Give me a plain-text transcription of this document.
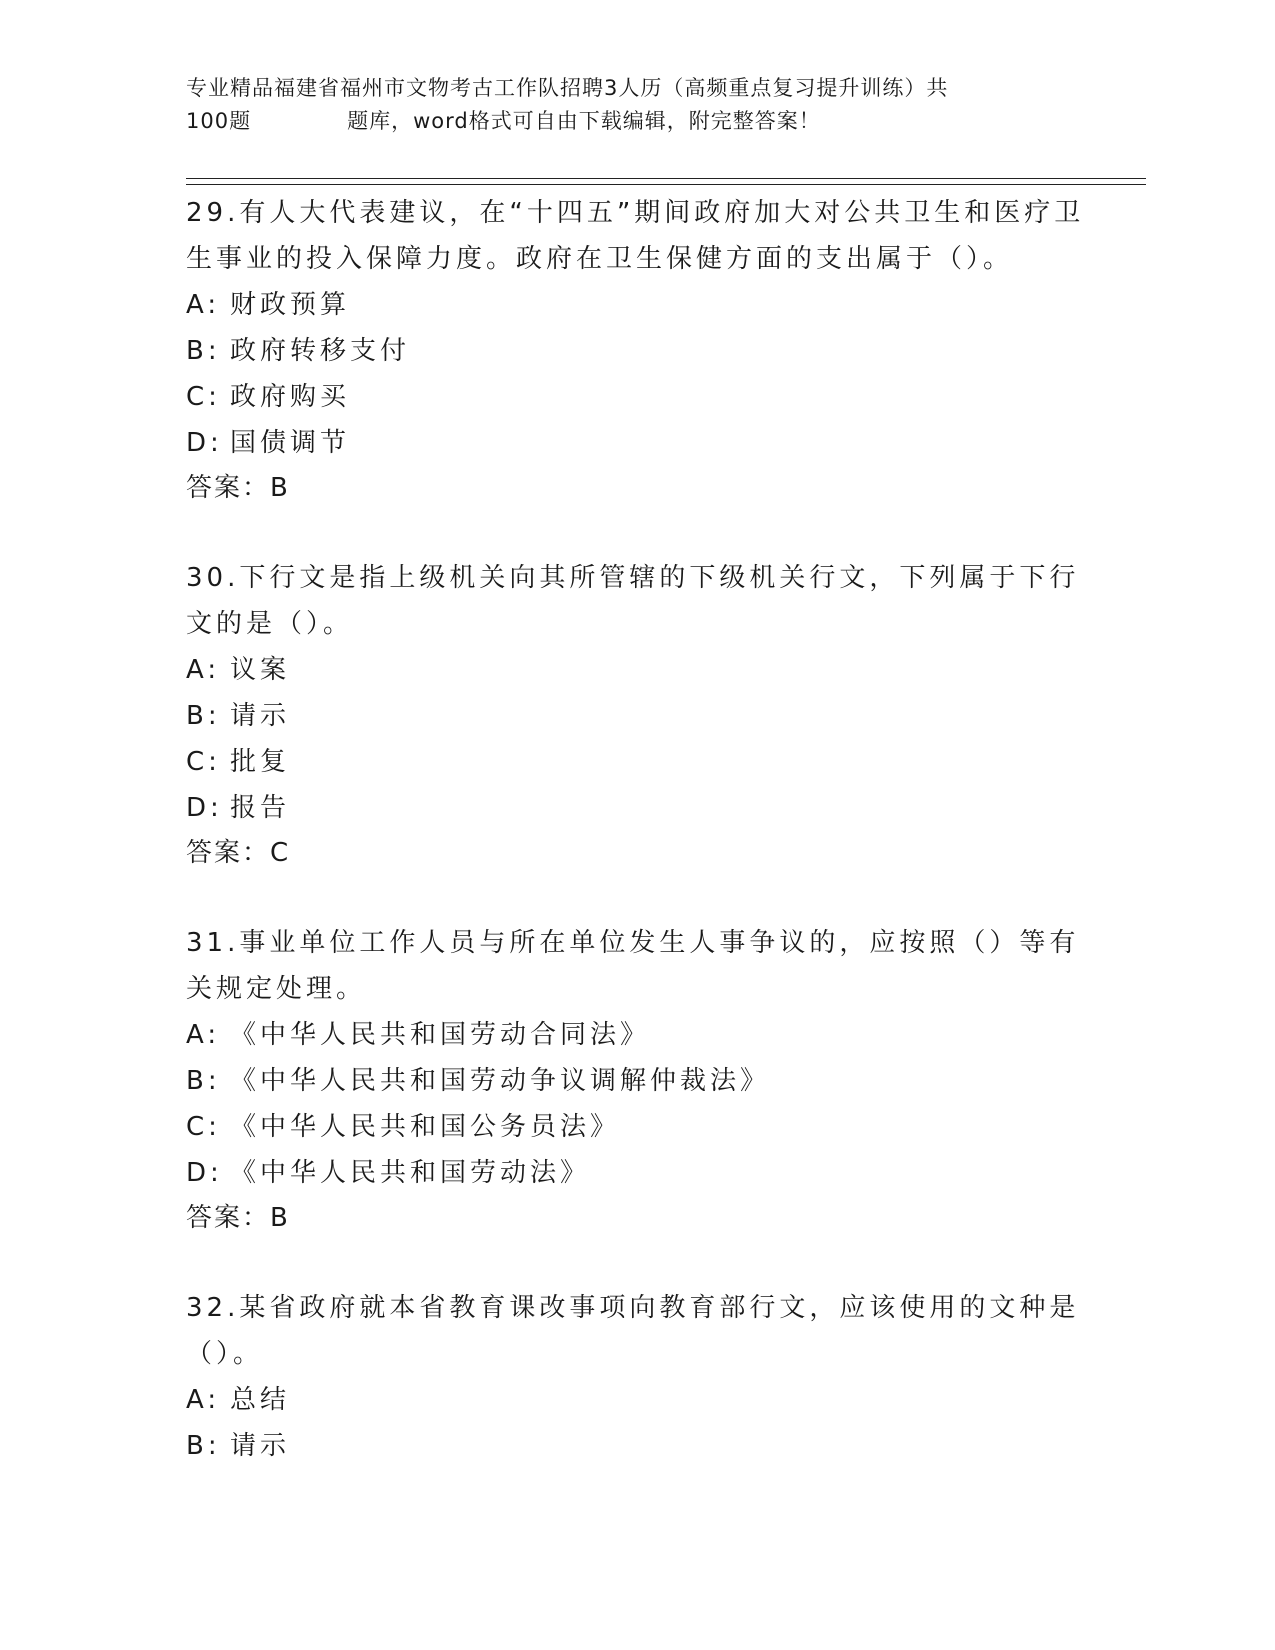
专业精品福建省福州市文物考古工作队招聘3人历（高频重点复习提升训练）共
100题	题库，word格式可自由下载编辑，附完整答案！

29.有人大代表建议，在“十四五”期间政府加大对公共卫生和医疗卫生事业的投入保障力度。政府在卫生保健方面的支出属于（）。

A: 财政预算

B: 政府转移支付

C: 政府购买

D: 国债调节

答案：B

30.下行文是指上级机关向其所管辖的下级机关行文，下列属于下行文的是（）。

A: 议案

B: 请示

C: 批复

D: 报告

答案：C

31.事业单位工作人员与所在单位发生人事争议的，应按照（）等有关规定处理。

A: 《中华人民共和国劳动合同法》

B: 《中华人民共和国劳动争议调解仲裁法》

C: 《中华人民共和国公务员法》

D: 《中华人民共和国劳动法》

答案：B

32.某省政府就本省教育课改事项向教育部行文，应该使用的文种是（）。

A: 总结

B: 请示
